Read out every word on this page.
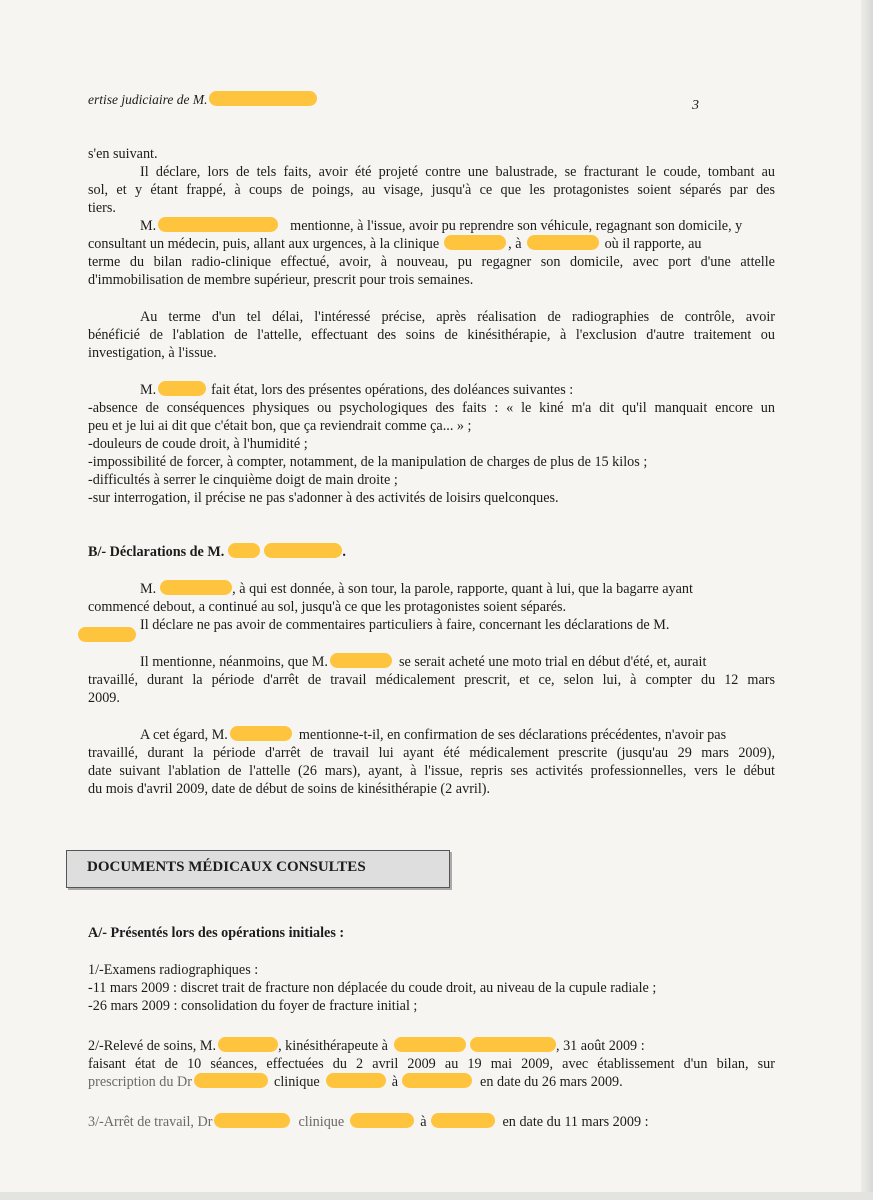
ertise judiciaire de M.	3
s'en suivant.
Il déclare, lors de tels faits, avoir été projeté contre une balustrade, se fracturant le coude, tombant au
sol, et y étant frappé, à coups de poings, au visage, jusqu'à ce que les protagonistes soient séparés par des
tiers.
M.	mentionne, à l'issue, avoir pu reprendre son véhicule, regagnant son domicile, y
consultant un médecin, puis, allant aux urgences, à la clinique	, à	où il rapporte, au
terme du bilan radio-clinique effectué, avoir, à nouveau, pu regagner son domicile, avec port d'une attelle
d'immobilisation de membre supérieur, prescrit pour trois semaines.
Au terme d'un tel délai, l'intéressé précise, après réalisation de radiographies de contrôle, avoir
bénéficié de l'ablation de l'attelle, effectuant des soins de kinésithérapie, à l'exclusion d'autre traitement ou
investigation, à l'issue.
M.	fait état, lors des présentes opérations, des doléances suivantes :
-absence de conséquences physiques ou psychologiques des faits : « le kiné m'a dit qu'il manquait encore un
peu et je lui ai dit que c'était bon, que ça reviendrait comme ça... » ;
-douleurs de coude droit, à l'humidité ;
-impossibilité de forcer, à compter, notamment, de la manipulation de charges de plus de 15 kilos ;
-difficultés à serrer le cinquième doigt de main droite ;
-sur interrogation, il précise ne pas s'adonner à des activités de loisirs quelconques.
B/- Déclarations de M.	.
M.	, à qui est donnée, à son tour, la parole, rapporte, quant à lui, que la bagarre ayant
commencé debout, a continué au sol, jusqu'à ce que les protagonistes soient séparés.
Il déclare ne pas avoir de commentaires particuliers à faire, concernant les déclarations de M.
Il mentionne, néanmoins, que M.	se serait acheté une moto trial en début d'été, et, aurait
travaillé, durant la période d'arrêt de travail médicalement prescrit, et ce, selon lui, à compter du 12 mars
2009.
A cet égard, M.	mentionne-t-il, en confirmation de ses déclarations précédentes, n'avoir pas
travaillé, durant la période d'arrêt de travail lui ayant été médicalement prescrite (jusqu'au 29 mars 2009),
date suivant l'ablation de l'attelle (26 mars), ayant, à l'issue, repris ses activités professionnelles, vers le début
du mois d'avril 2009, date de début de soins de kinésithérapie (2 avril).
DOCUMENTS MÉDICAUX CONSULTES
A/- Présentés lors des opérations initiales :
1/-Examens radiographiques :
-11 mars 2009 : discret trait de fracture non déplacée du coude droit, au niveau de la cupule radiale ;
-26 mars 2009 : consolidation du foyer de fracture initial ;
2/-Relevé de soins, M.	, kinésithérapeute à	, 31 août 2009 :
faisant état de 10 séances, effectuées du 2 avril 2009 au 19 mai 2009, avec établissement d'un bilan, sur
prescription du Dr	clinique	à	en date du 26 mars 2009.
3/-Arrêt de travail, Dr	clinique	à	en date du 11 mars 2009 :
